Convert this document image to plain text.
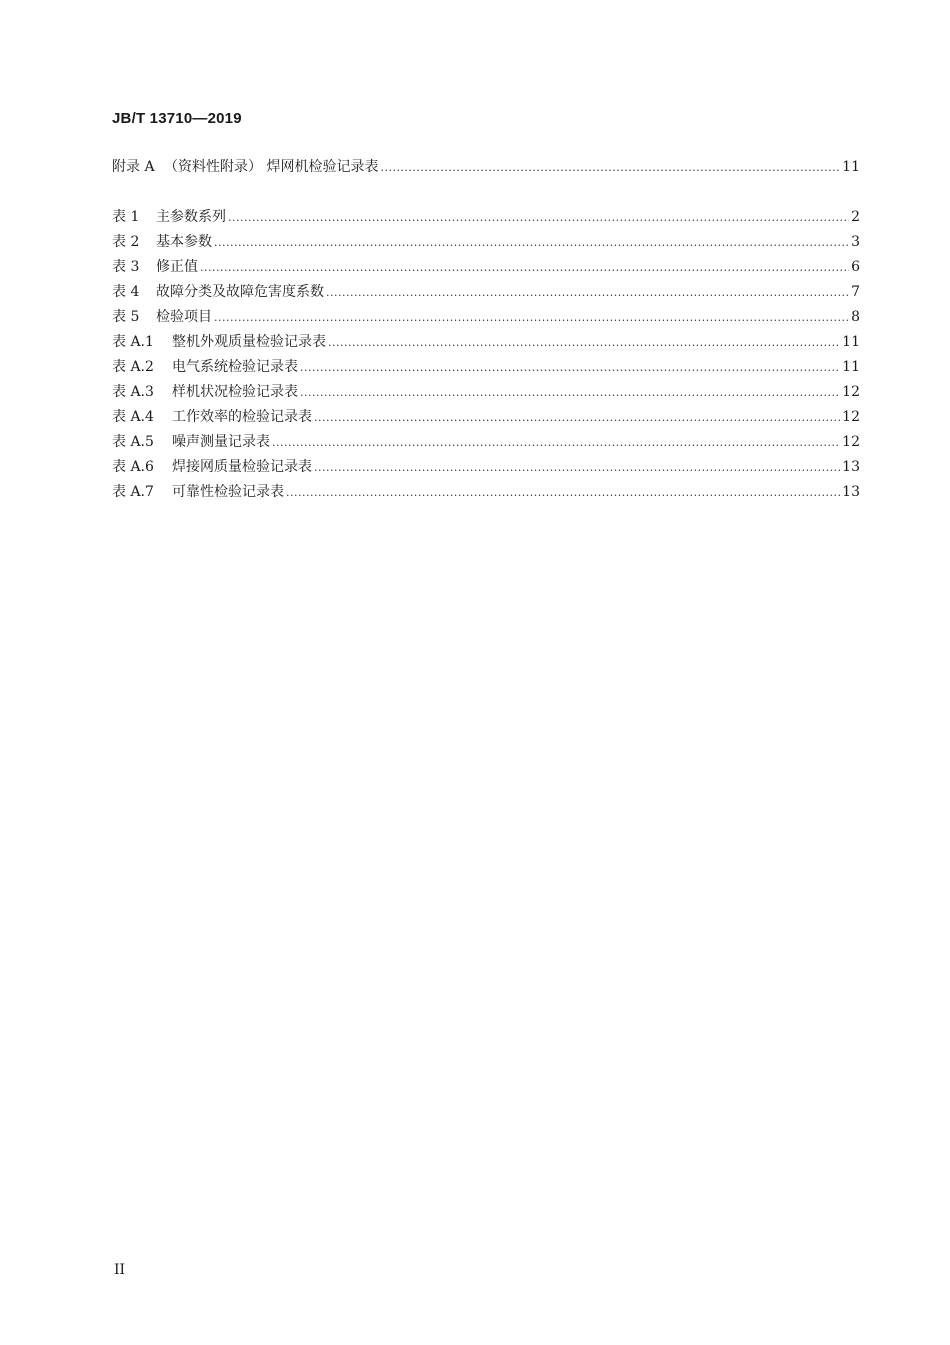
JB/T 13710—2019
附录 A （资料性附录） 焊网机检验记录表 .....	11
表 1	主参数系列 .....	2
表 2	基本参数 .....	3
表 3	修正值 .....	6
表 4	故障分类及故障危害度系数 .....	7
表 5	检验项目 .....	8
表 A.1	整机外观质量检验记录表 .....	11
表 A.2	电气系统检验记录表 .....	11
表 A.3	样机状况检验记录表 .....	12
表 A.4	工作效率的检验记录表 .....	12
表 A.5	噪声测量记录表 .....	12
表 A.6	焊接网质量检验记录表 .....	13
表 A.7	可靠性检验记录表 .....	13
II
